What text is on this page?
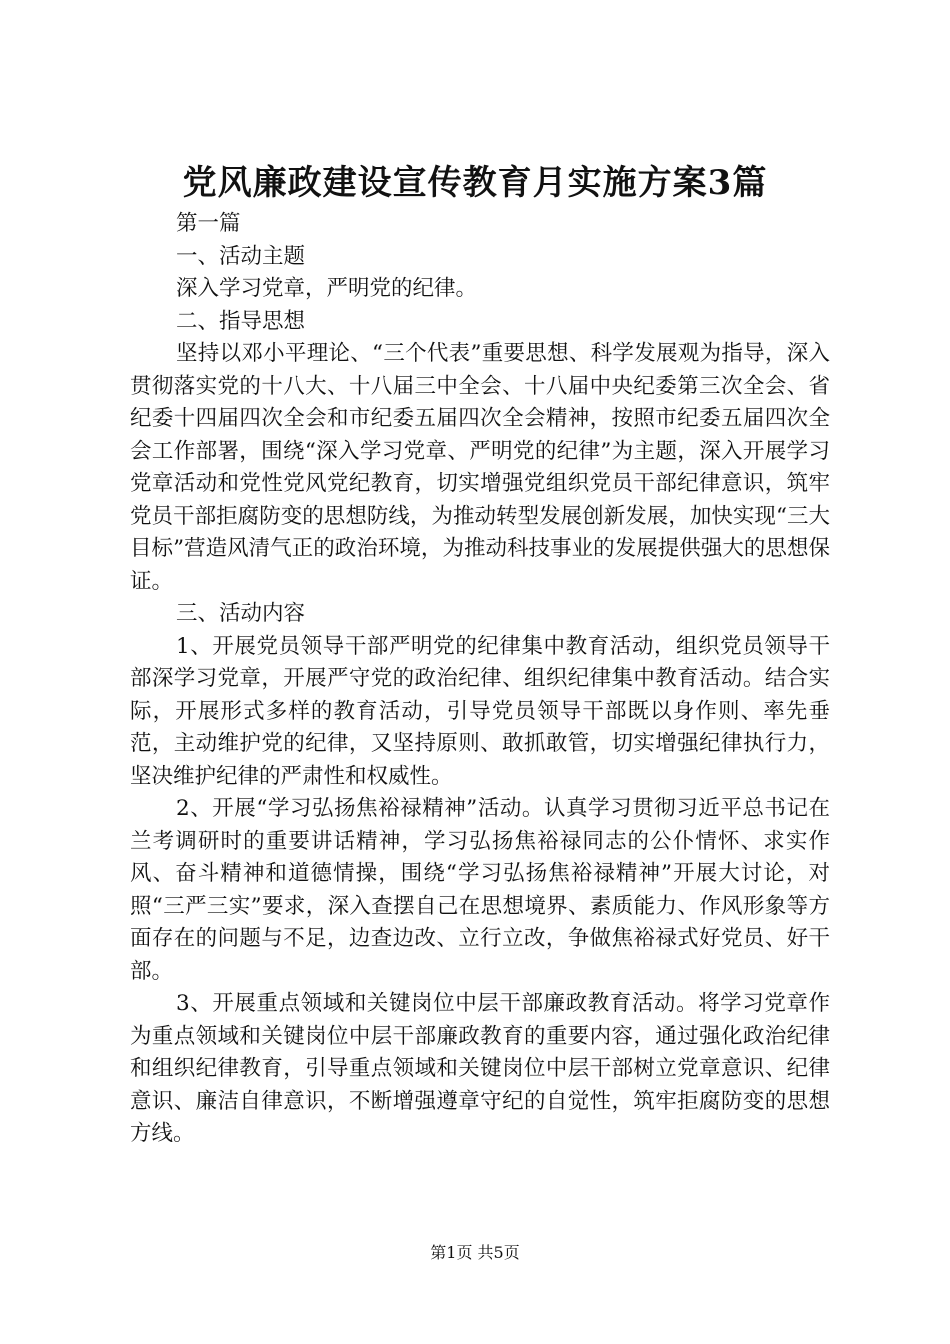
党风廉政建设宣传教育月实施方案3篇

第一篇

一、活动主题

深入学习党章，严明党的纪律。

二、指导思想

坚持以邓小平理论、“三个代表”重要思想、科学发展观为指导，深入贯彻落实党的十八大、十八届三中全会、十八届中央纪委第三次全会、省纪委十四届四次全会和市纪委五届四次全会精神，按照市纪委五届四次全会工作部署，围绕“深入学习党章、严明党的纪律”为主题，深入开展学习党章活动和党性党风党纪教育，切实增强党组织党员干部纪律意识，筑牢党员干部拒腐防变的思想防线，为推动转型发展创新发展，加快实现“三大目标”营造风清气正的政治环境，为推动科技事业的发展提供强大的思想保证。

三、活动内容

1、开展党员领导干部严明党的纪律集中教育活动，组织党员领导干部深学习党章，开展严守党的政治纪律、组织纪律集中教育活动。结合实际，开展形式多样的教育活动，引导党员领导干部既以身作则、率先垂范，主动维护党的纪律，又坚持原则、敢抓敢管，切实增强纪律执行力，坚决维护纪律的严肃性和权威性。

2、开展“学习弘扬焦裕禄精神”活动。认真学习贯彻习近平总书记在兰考调研时的重要讲话精神，学习弘扬焦裕禄同志的公仆情怀、求实作风、奋斗精神和道德情操，围绕“学习弘扬焦裕禄精神”开展大讨论，对照“三严三实”要求，深入查摆自己在思想境界、素质能力、作风形象等方面存在的问题与不足，边查边改、立行立改，争做焦裕禄式好党员、好干部。

3、开展重点领域和关键岗位中层干部廉政教育活动。将学习党章作为重点领域和关键岗位中层干部廉政教育的重要内容，通过强化政治纪律和组织纪律教育，引导重点领域和关键岗位中层干部树立党章意识、纪律意识、廉洁自律意识，不断增强遵章守纪的自觉性，筑牢拒腐防变的思想方线。

第1页 共5页
